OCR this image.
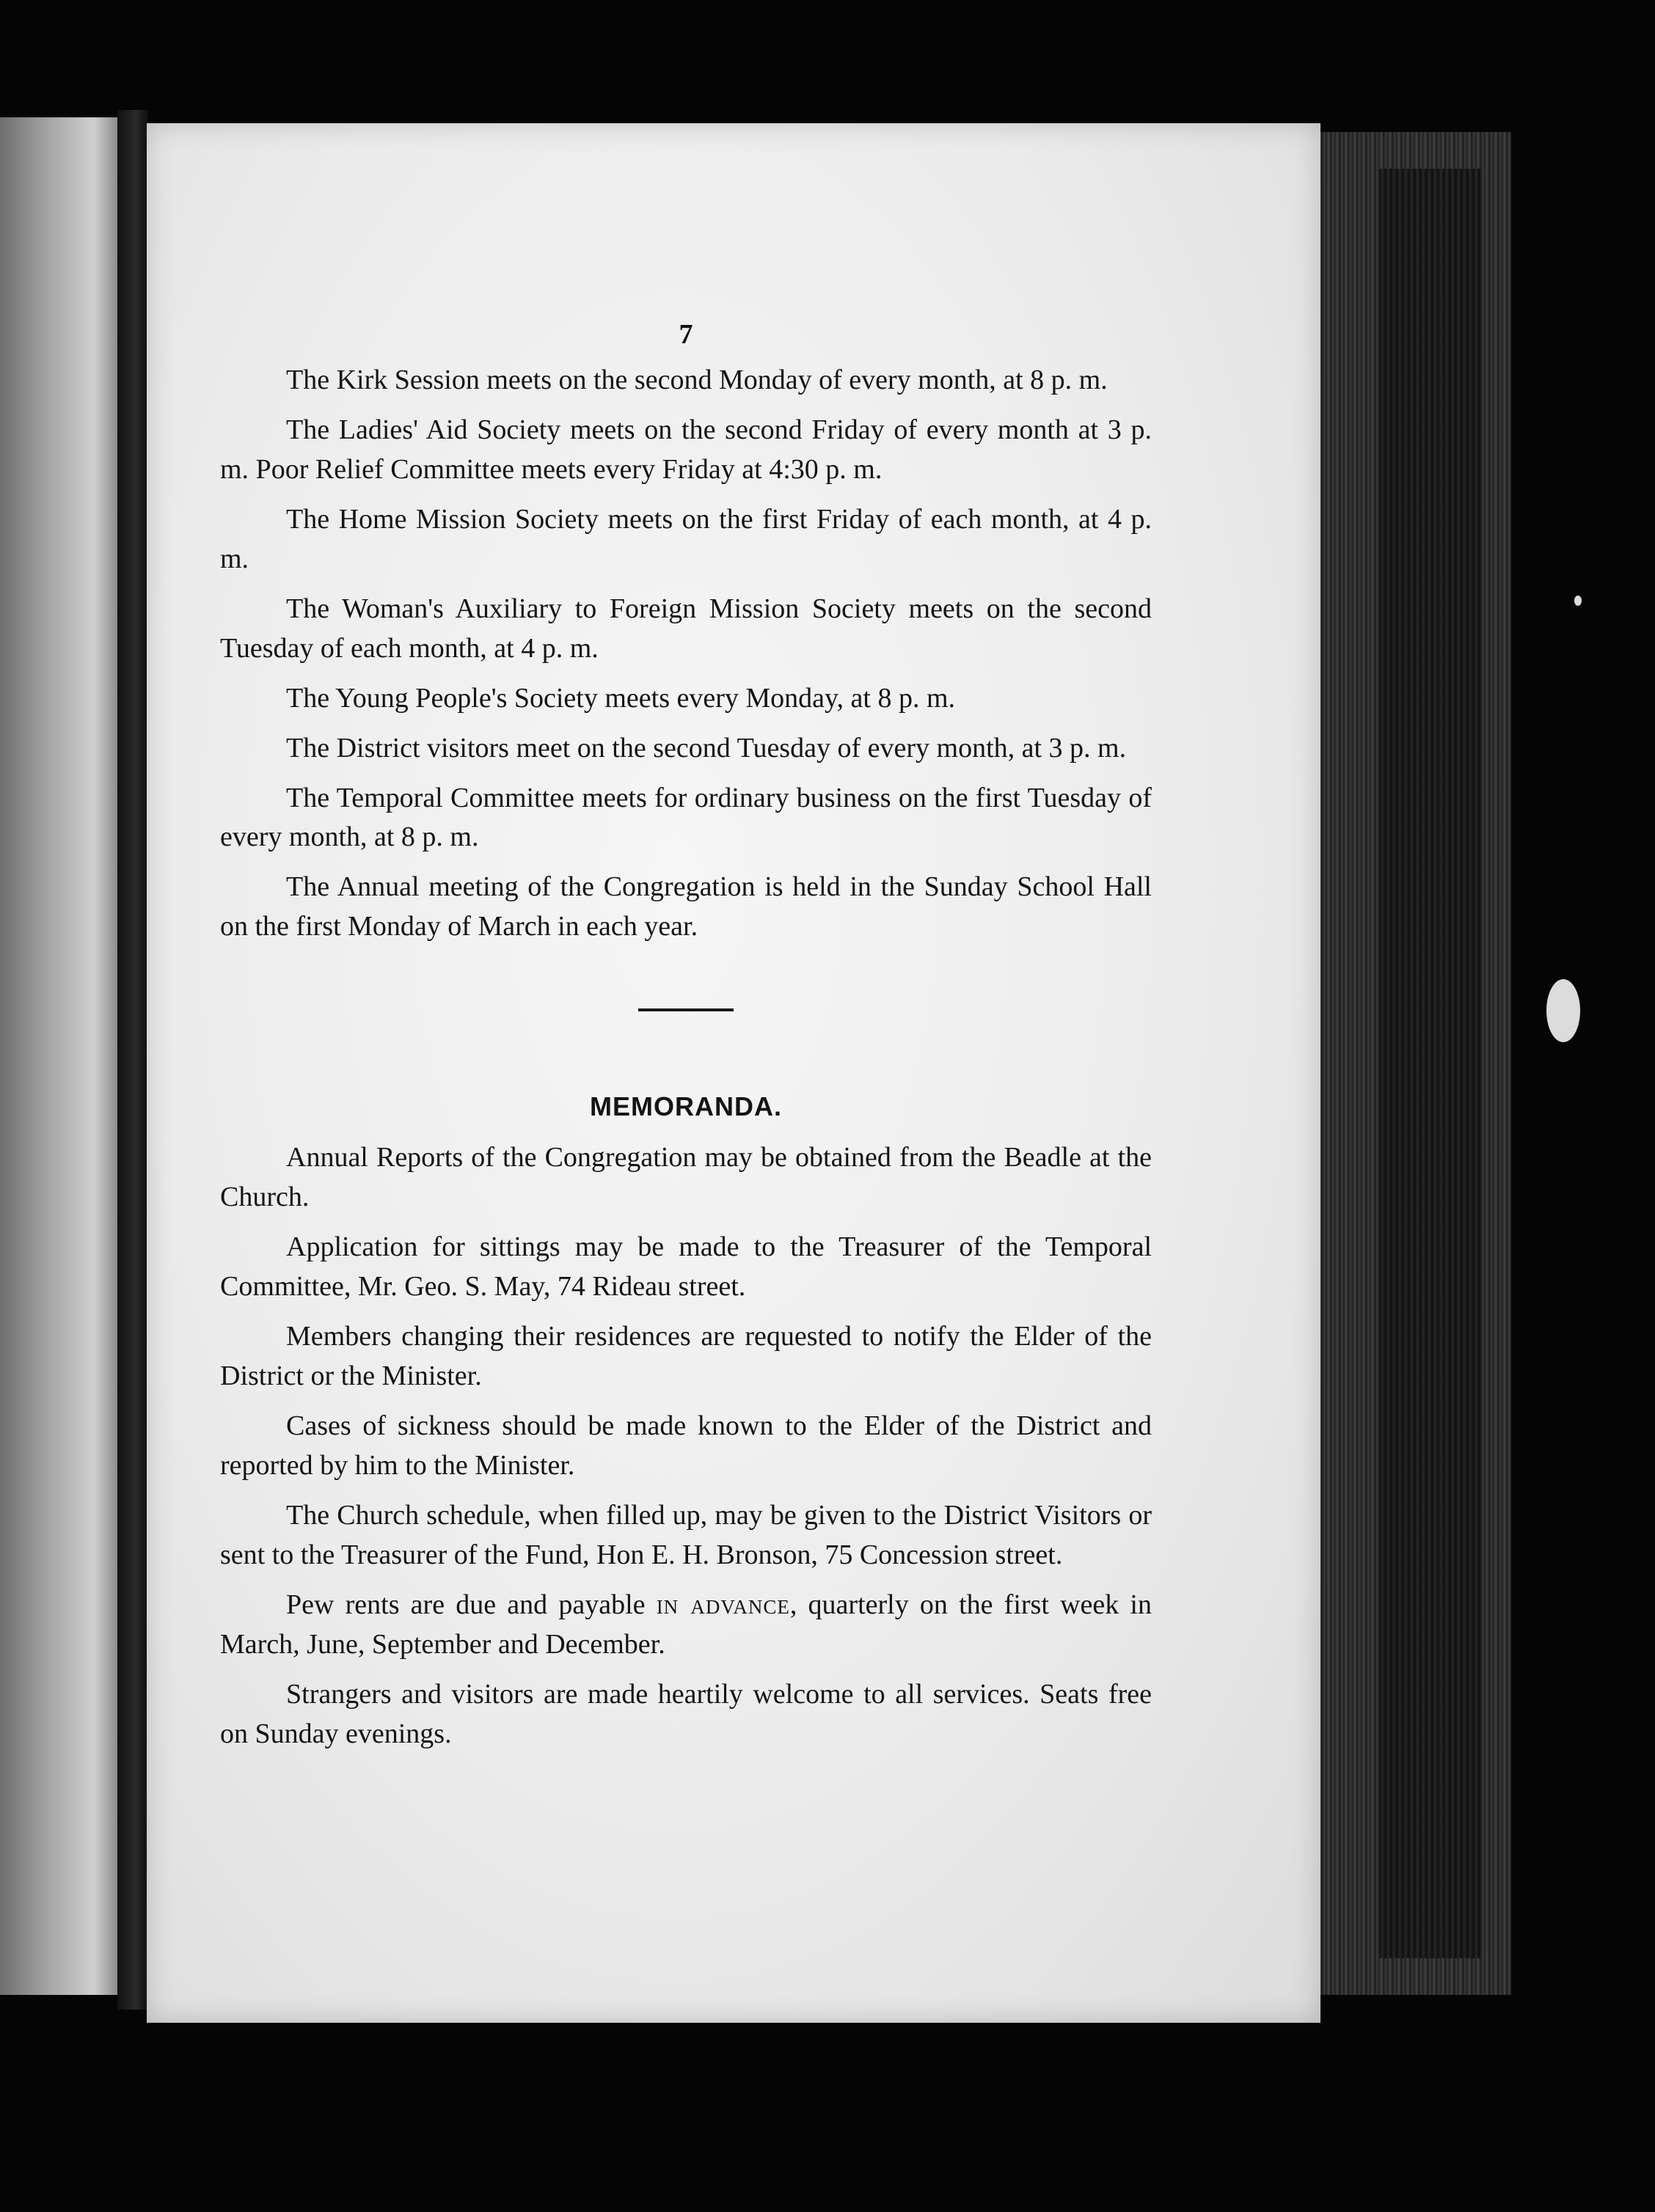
7

The Kirk Session meets on the second Monday of every month, at 8 p. m.

The Ladies' Aid Society meets on the second Friday of every month at 3 p. m. Poor Relief Committee meets every Friday at 4:30 p. m.

The Home Mission Society meets on the first Friday of each month, at 4 p. m.

The Woman's Auxiliary to Foreign Mission Society meets on the second Tuesday of each month, at 4 p. m.

The Young People's Society meets every Monday, at 8 p. m.

The District visitors meet on the second Tuesday of every month, at 3 p. m.

The Temporal Committee meets for ordinary business on the first Tuesday of every month, at 8 p. m.

The Annual meeting of the Congregation is held in the Sunday School Hall on the first Monday of March in each year.

MEMORANDA.

Annual Reports of the Congregation may be obtained from the Beadle at the Church.

Application for sittings may be made to the Treasurer of the Temporal Committee, Mr. Geo. S. May, 74 Rideau street.

Members changing their residences are requested to notify the Elder of the District or the Minister.

Cases of sickness should be made known to the Elder of the District and reported by him to the Minister.

The Church schedule, when filled up, may be given to the District Visitors or sent to the Treasurer of the Fund, Hon E. H. Bronson, 75 Concession street.

Pew rents are due and payable in advance, quarterly on the first week in March, June, September and December.

Strangers and visitors are made heartily welcome to all services. Seats free on Sunday evenings.
